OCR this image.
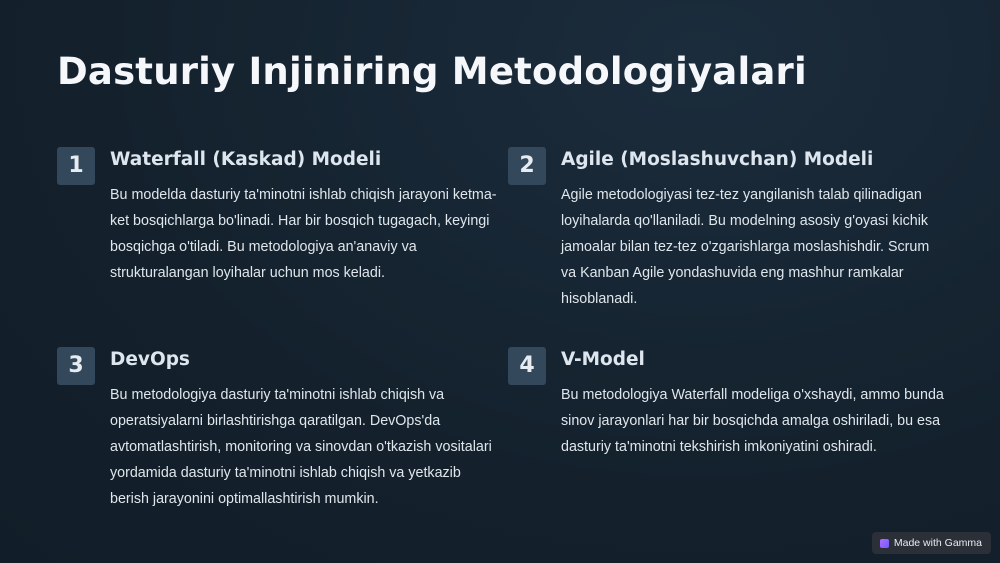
Dasturiy Injiniring Metodologiyalari
1	Waterfall (Kaskad) Modeli

Bu modelda dasturiy ta'minotni ishlab chiqish jarayoni ketma-ket bosqichlarga bo'linadi. Har bir bosqich tugagach, keyingi bosqichga o'tiladi. Bu metodologiya an'anaviy va strukturalangan loyihalar uchun mos keladi.

2	Agile (Moslashuvchan) Modeli

Agile metodologiyasi tez-tez yangilanish talab qilinadigan loyihalarda qo'llaniladi. Bu modelning asosiy g'oyasi kichik jamoalar bilan tez-tez o'zgarishlarga moslashishdir. Scrum va Kanban Agile yondashuvida eng mashhur ramkalar hisoblanadi.

3	DevOps

Bu metodologiya dasturiy ta'minotni ishlab chiqish va operatsiyalarni birlashtirishga qaratilgan. DevOps'da avtomatlashtirish, monitoring va sinovdan o'tkazish vositalari yordamida dasturiy ta'minotni ishlab chiqish va yetkazib berish jarayonini optimallashtirish mumkin.

4	V-Model

Bu metodologiya Waterfall modeliga o'xshaydi, ammo bunda sinov jarayonlari har bir bosqichda amalga oshiriladi, bu esa dasturiy ta'minotni tekshirish imkoniyatini oshiradi.

Made with Gamma
